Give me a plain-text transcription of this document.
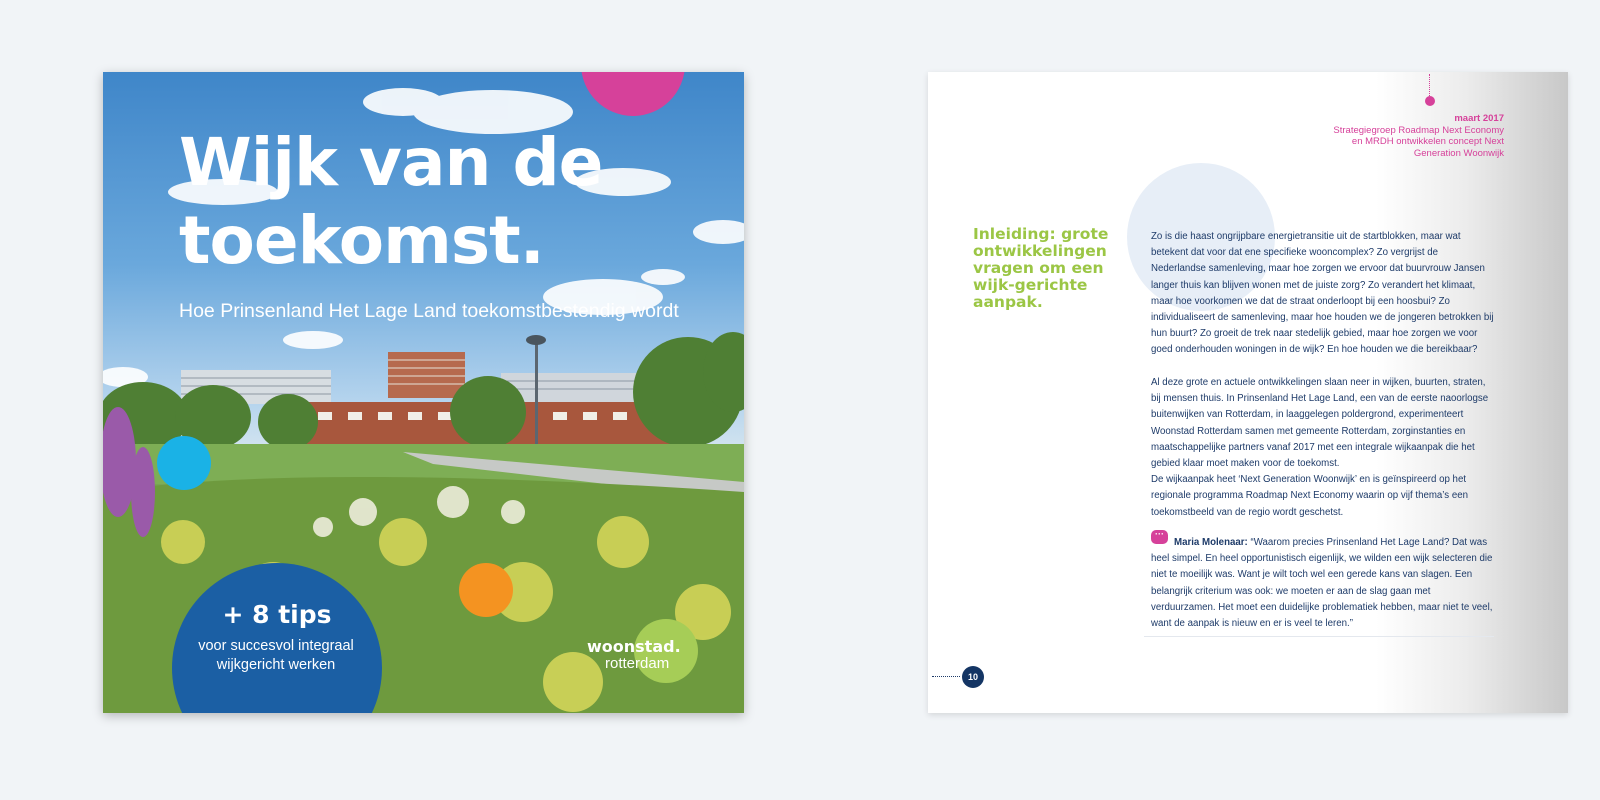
Wijk van de toekomst.

Hoe Prinsenland Het Lage Land toekomstbestendig wordt

+ 8 tips
voor succesvol integraal wijkgericht werken
woonstad.
rotterdam
maart 2017
Strategiegroep Roadmap Next Economy en MRDH ontwikkelen concept Next Generation Woonwijk
Inleiding: grote ontwikkelingen vragen om een wijk-gerichte aanpak.

Zo is die haast ongrijpbare energietransitie uit de startblokken, maar wat betekent dat voor dat ene specifieke wooncomplex? Zo vergrijst de Nederlandse samenleving, maar hoe zorgen we ervoor dat buurvrouw Jansen langer thuis kan blijven wonen met de juiste zorg? Zo verandert het klimaat, maar hoe voorkomen we dat de straat onderloopt bij een hoosbui? Zo individualiseert de samenleving, maar hoe houden we de jongeren betrokken bij hun buurt? Zo groeit de trek naar stedelijk gebied, maar hoe zorgen we voor goed onderhouden woningen in de wijk? En hoe houden we die bereikbaar?

Al deze grote en actuele ontwikkelingen slaan neer in wijken, buurten, straten, bij mensen thuis. In Prinsenland Het Lage Land, een van de eerste naoorlogse buitenwijken van Rotterdam, in laaggelegen poldergrond, experimenteert Woonstad Rotterdam samen met gemeente Rotterdam, zorginstanties en maatschappelijke partners vanaf 2017 met een integrale wijkaanpak die het gebied klaar moet maken voor de toekomst.
De wijkaanpak heet ‘Next Generation Woonwijk’ en is geïnspireerd op het regionale programma Roadmap Next Economy waarin op vijf thema’s een toekomstbeeld van de regio wordt geschetst.
···

Maria Molenaar: “Waarom precies Prinsenland Het Lage Land? Dat was heel simpel. En heel opportunistisch eigenlijk, we wilden een wijk selecteren die niet te moeilijk was. Want je wilt toch wel een gerede kans van slagen. Een belangrijk criterium was ook: we moeten er aan de slag gaan met verduurzamen. Het moet een duidelijke problematiek hebben, maar niet te veel, want de aanpak is nieuw en er is veel te leren.”

10
